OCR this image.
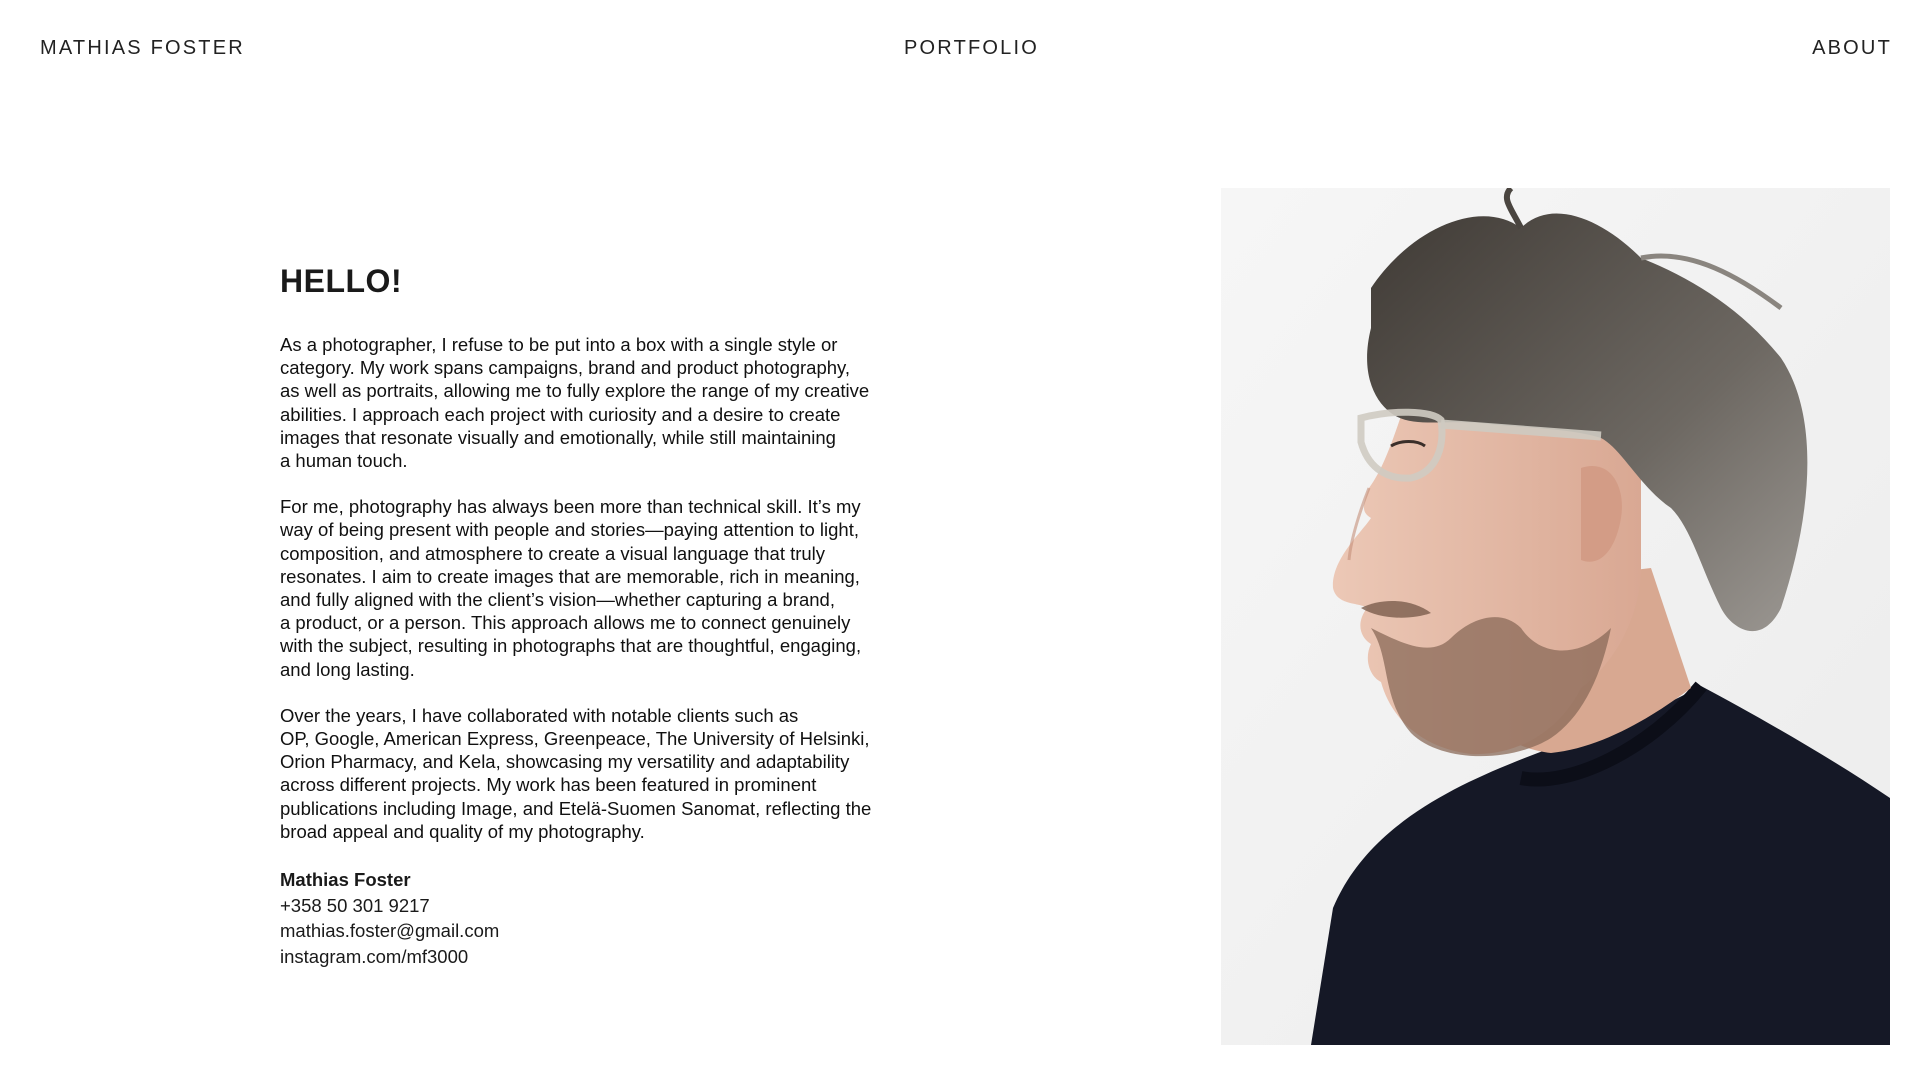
MATHIAS FOSTER	PORTFOLIO	ABOUT
HELLO!

As a photographer, I refuse to be put into a box with a single style or
category. My work spans campaigns, brand and product photography,
as well as portraits, allowing me to fully explore the range of my creative
abilities. I approach each project with curiosity and a desire to create
images that resonate visually and emotionally, while still maintaining
a human touch.

For me, photography has always been more than technical skill. It’s my
way of being present with people and stories—paying attention to light,
composition, and atmosphere to create a visual language that truly
resonates. I aim to create images that are memorable, rich in meaning,
and fully aligned with the client’s vision—whether capturing a brand,
a product, or a person. This approach allows me to connect genuinely
with the subject, resulting in photographs that are thoughtful, engaging,
and long lasting.

Over the years, I have collaborated with notable clients such as
OP, Google, American Express, Greenpeace, The University of Helsinki,
Orion Pharmacy, and Kela, showcasing my versatility and adaptability
across different projects. My work has been featured in prominent
publications including Image, and Etelä-Suomen Sanomat, reflecting the
broad appeal and quality of my photography.

Mathias Foster
+358 50 301 9217
mathias.foster@gmail.com
instagram.com/mf3000
